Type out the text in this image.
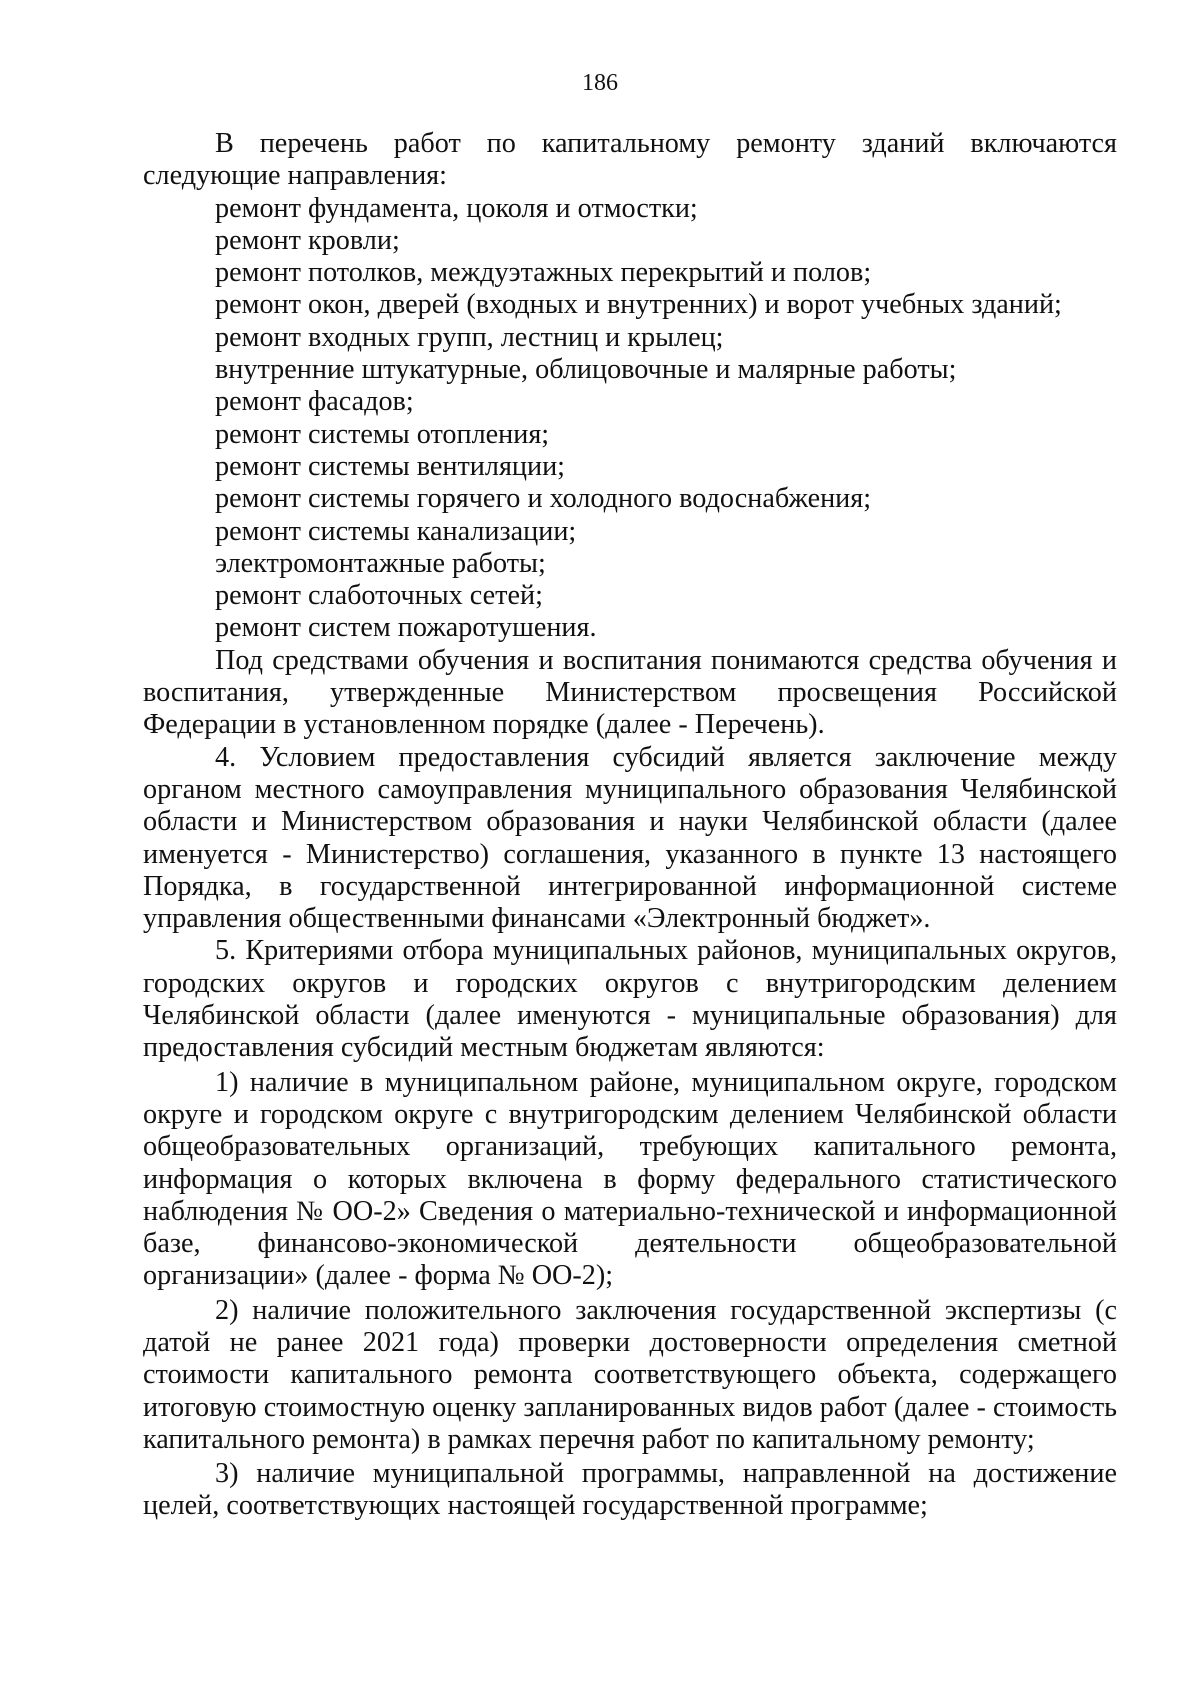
186

В перечень работ по капитальному ремонту зданий включаются следующие направления:

ремонт фундамента, цоколя и отмостки;
ремонт кровли;
ремонт потолков, междуэтажных перекрытий и полов;
ремонт окон, дверей (входных и внутренних) и ворот учебных зданий;
ремонт входных групп, лестниц и крылец;
внутренние штукатурные, облицовочные и малярные работы;
ремонт фасадов;
ремонт системы отопления;
ремонт системы вентиляции;
ремонт системы горячего и холодного водоснабжения;
ремонт системы канализации;
электромонтажные работы;
ремонт слаботочных сетей;
ремонт систем пожаротушения.

Под средствами обучения и воспитания понимаются средства обучения и воспитания, утвержденные Министерством просвещения Российской Федерации в установленном порядке (далее - Перечень).

4. Условием предоставления субсидий является заключение между органом местного самоуправления муниципального образования Челябинской области и Министерством образования и науки Челябинской области (далее именуется - Министерство) соглашения, указанного в пункте 13 настоящего Порядка, в государственной интегрированной информационной системе управления общественными финансами «Электронный бюджет».

5. Критериями отбора муниципальных районов, муниципальных округов, городских округов и городских округов с внутригородским делением Челябинской области (далее именуются - муниципальные образования) для предоставления субсидий местным бюджетам являются:

1) наличие в муниципальном районе, муниципальном округе, городском округе и городском округе с внутригородским делением Челябинской области общеобразовательных организаций, требующих капитального ремонта, информация о которых включена в форму федерального статистического наблюдения № ОО-2» Сведения о материально-технической и информационной базе, финансово-экономической деятельности общеобразовательной организации» (далее - форма № ОО-2);

2) наличие положительного заключения государственной экспертизы (с датой не ранее 2021 года) проверки достоверности определения сметной стоимости капитального ремонта соответствующего объекта, содержащего итоговую стоимостную оценку запланированных видов работ (далее - стоимость капитального ремонта) в рамках перечня работ по капитальному ремонту;

3) наличие муниципальной программы, направленной на достижение целей, соответствующих настоящей государственной программе;
